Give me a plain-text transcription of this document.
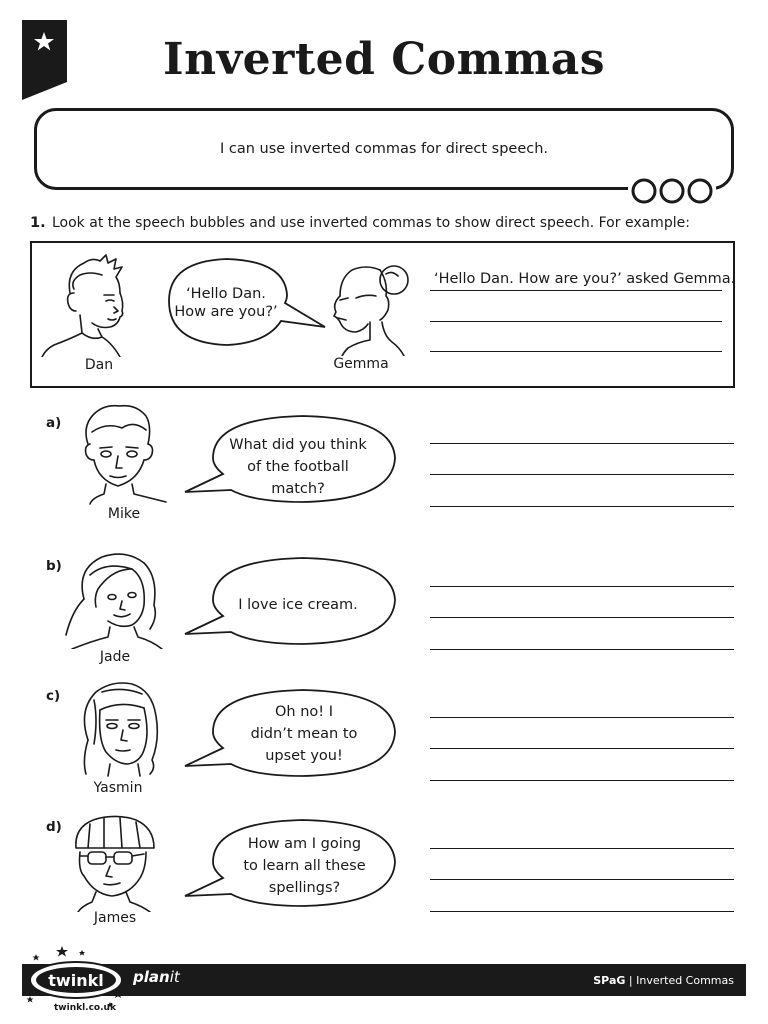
Inverted Commas
I can use inverted commas for direct speech.
1. Look at the speech bubbles and use inverted commas to show direct speech. For example:
Dan
‘Hello Dan.
How are you?’
Gemma
‘Hello Dan. How are you?’ asked Gemma.
a)
Mike
What did you think
of the football
match?
b)
Jade
I love ice cream.
c)
Yasmin
Oh no! I
didn’t mean to
upset you!
d)
James
How am I going
to learn all these
spellings?
twinkl
twinkl.co.uk
planit	SPaG | Inverted Commas
